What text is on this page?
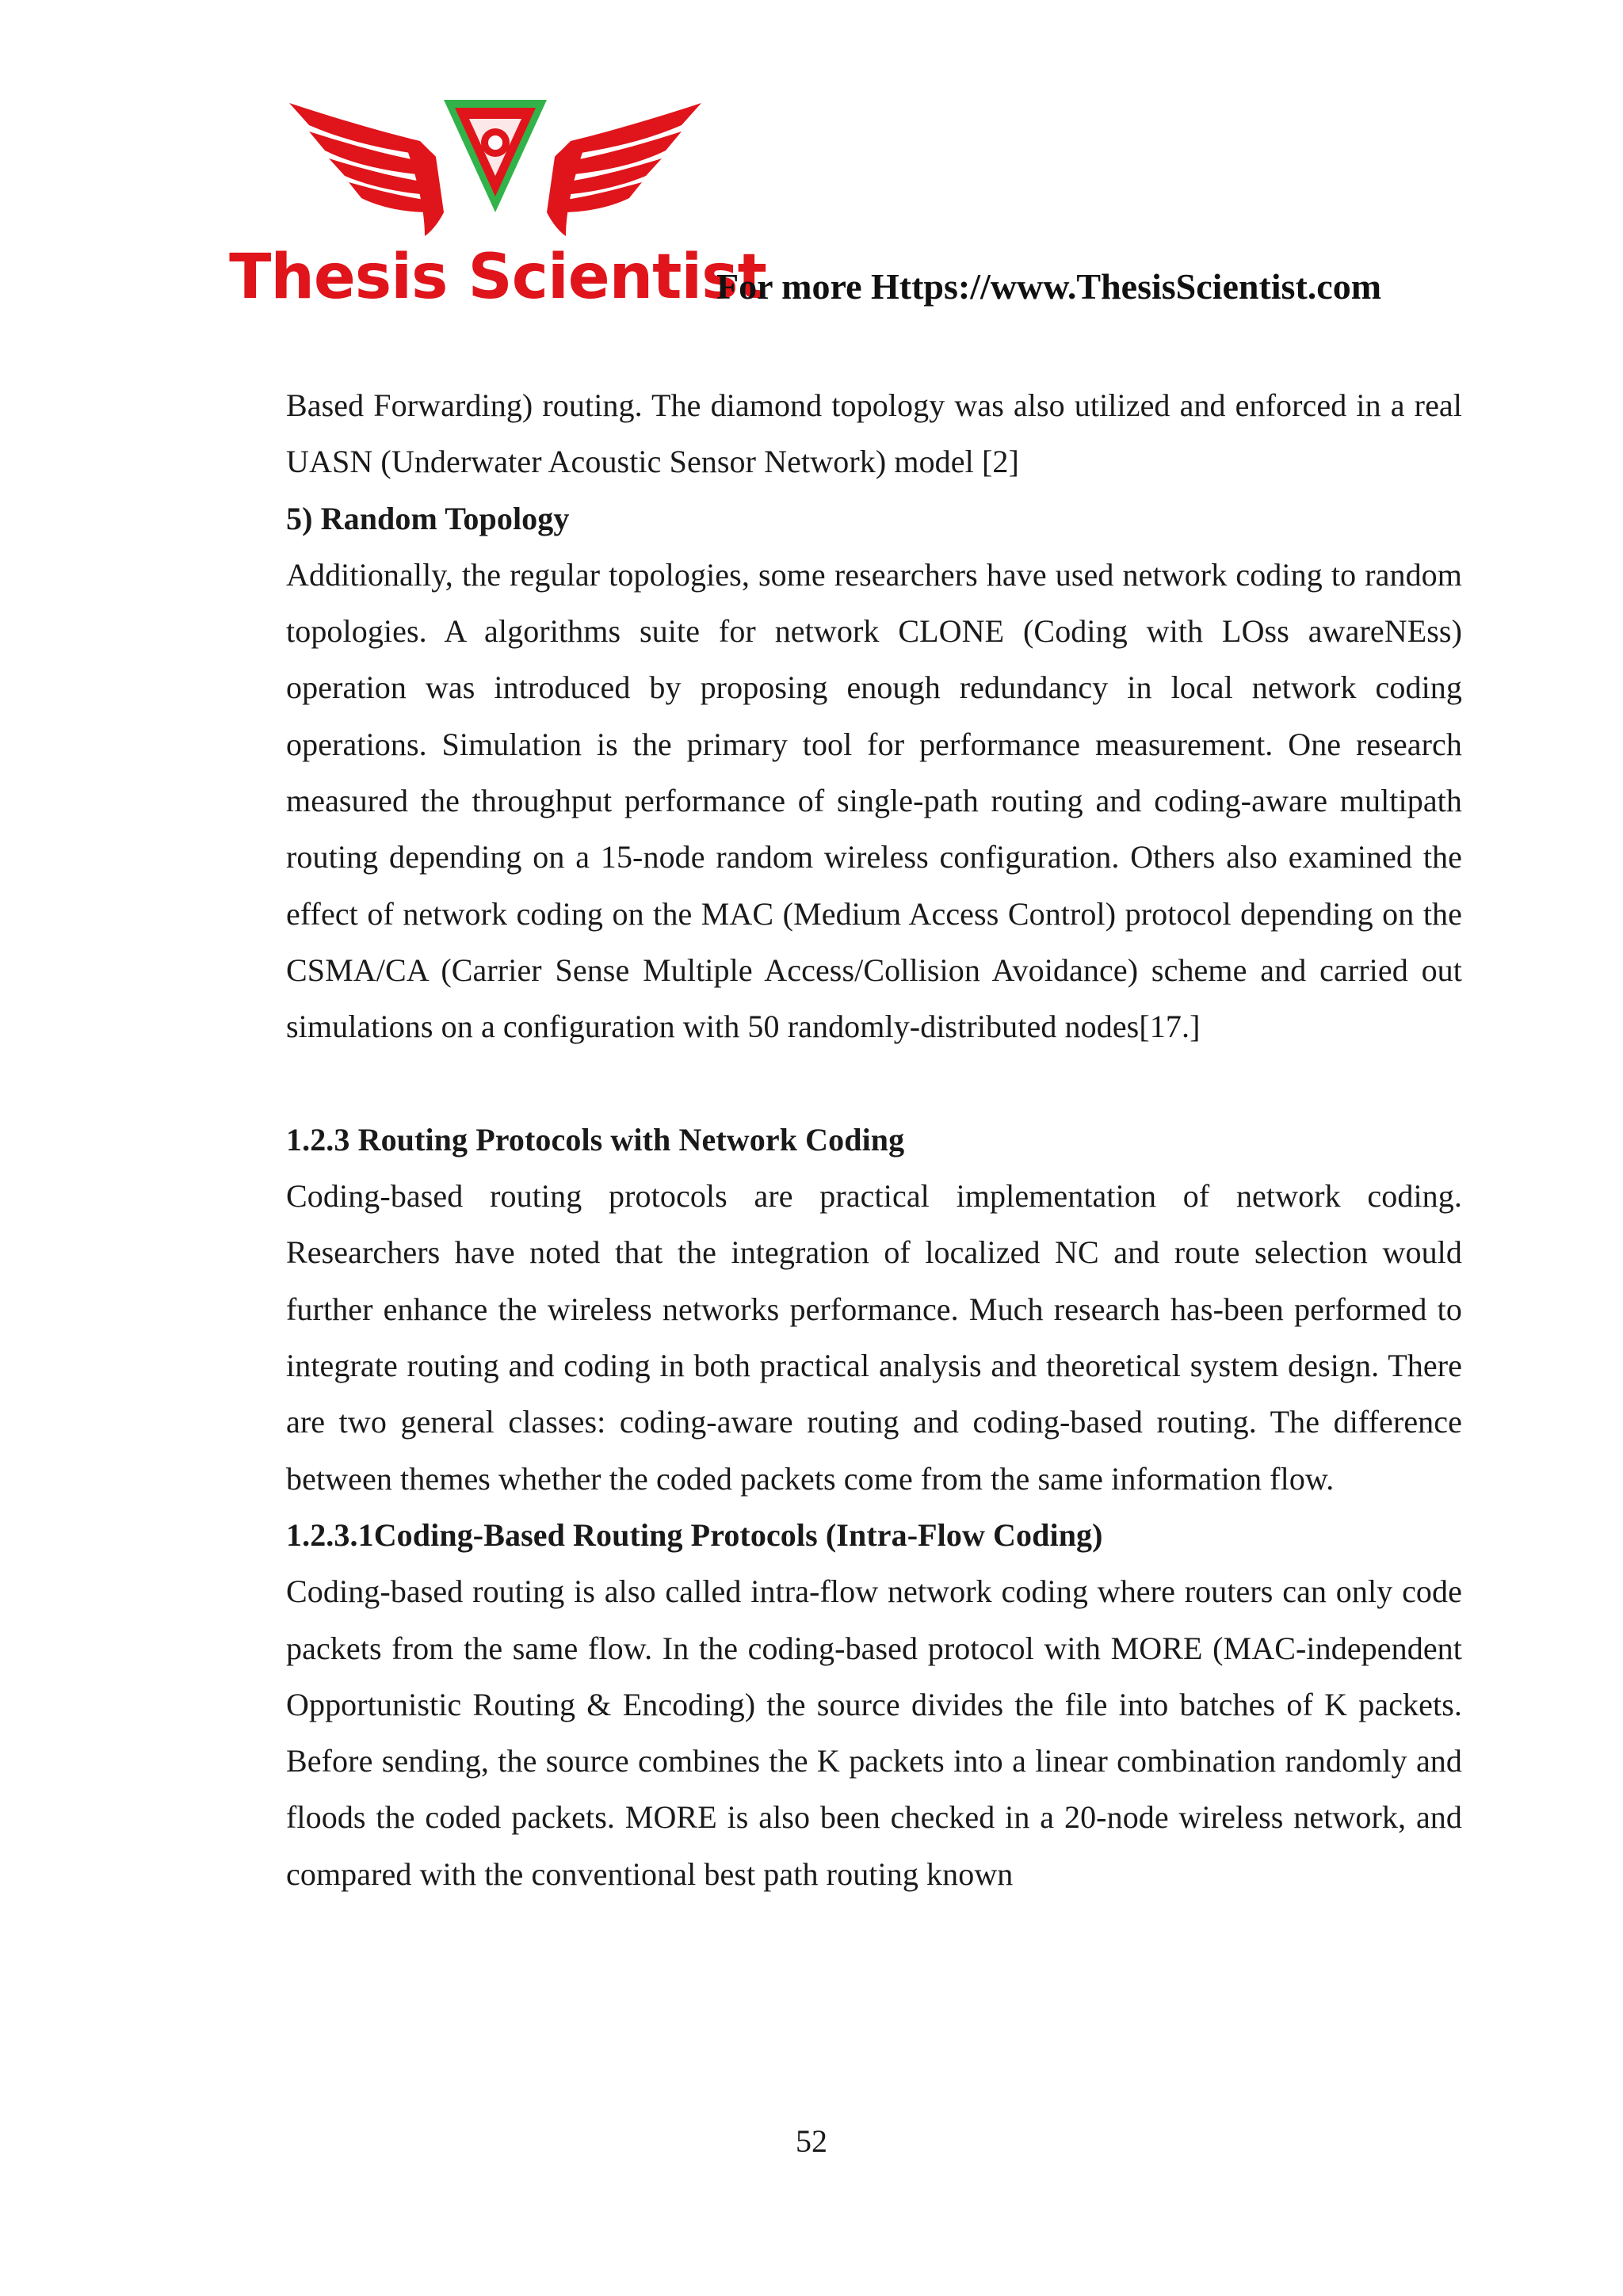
Thesis Scientist
For more Https://www.ThesisScientist.com

Based Forwarding) routing. The diamond topology was also utilized and enforced in a real UASN (Underwater Acoustic Sensor Network) model [2]

5) Random Topology

Additionally, the regular topologies, some researchers have used network coding to random topologies. A algorithms suite for network CLONE (Coding with LOss awareNEss) operation was introduced by proposing enough redundancy in local network coding operations. Simulation is the primary tool for performance measurement. One research measured the throughput performance of single-path routing and coding-aware multipath routing depending on a 15-node random wireless configuration. Others also examined the effect of network coding on the MAC (Medium Access Control) protocol depending on the CSMA/CA (Carrier Sense Multiple Access/Collision Avoidance) scheme and carried out simulations on a configuration with 50 randomly-distributed nodes[17.]

1.2.3 Routing Protocols with Network Coding

Coding-based routing protocols are practical implementation of network coding. Researchers have noted that the integration of localized NC and route selection would further enhance the wireless networks performance. Much research has-been performed to integrate routing and coding in both practical analysis and theoretical system design. There are two general classes: coding-aware routing and coding-based routing. The difference between themes whether the coded packets come from the same information flow.

1.2.3.1Coding-Based Routing Protocols (Intra-Flow Coding)

Coding-based routing is also called intra-flow network coding where routers can only code packets from the same flow. In the coding-based protocol with MORE (MAC-independent Opportunistic Routing & Encoding) the source divides the file into batches of K packets. Before sending, the source combines the K packets into a linear combination randomly and floods the coded packets. MORE is also been checked in a 20-node wireless network, and compared with the conventional best path routing known

52
